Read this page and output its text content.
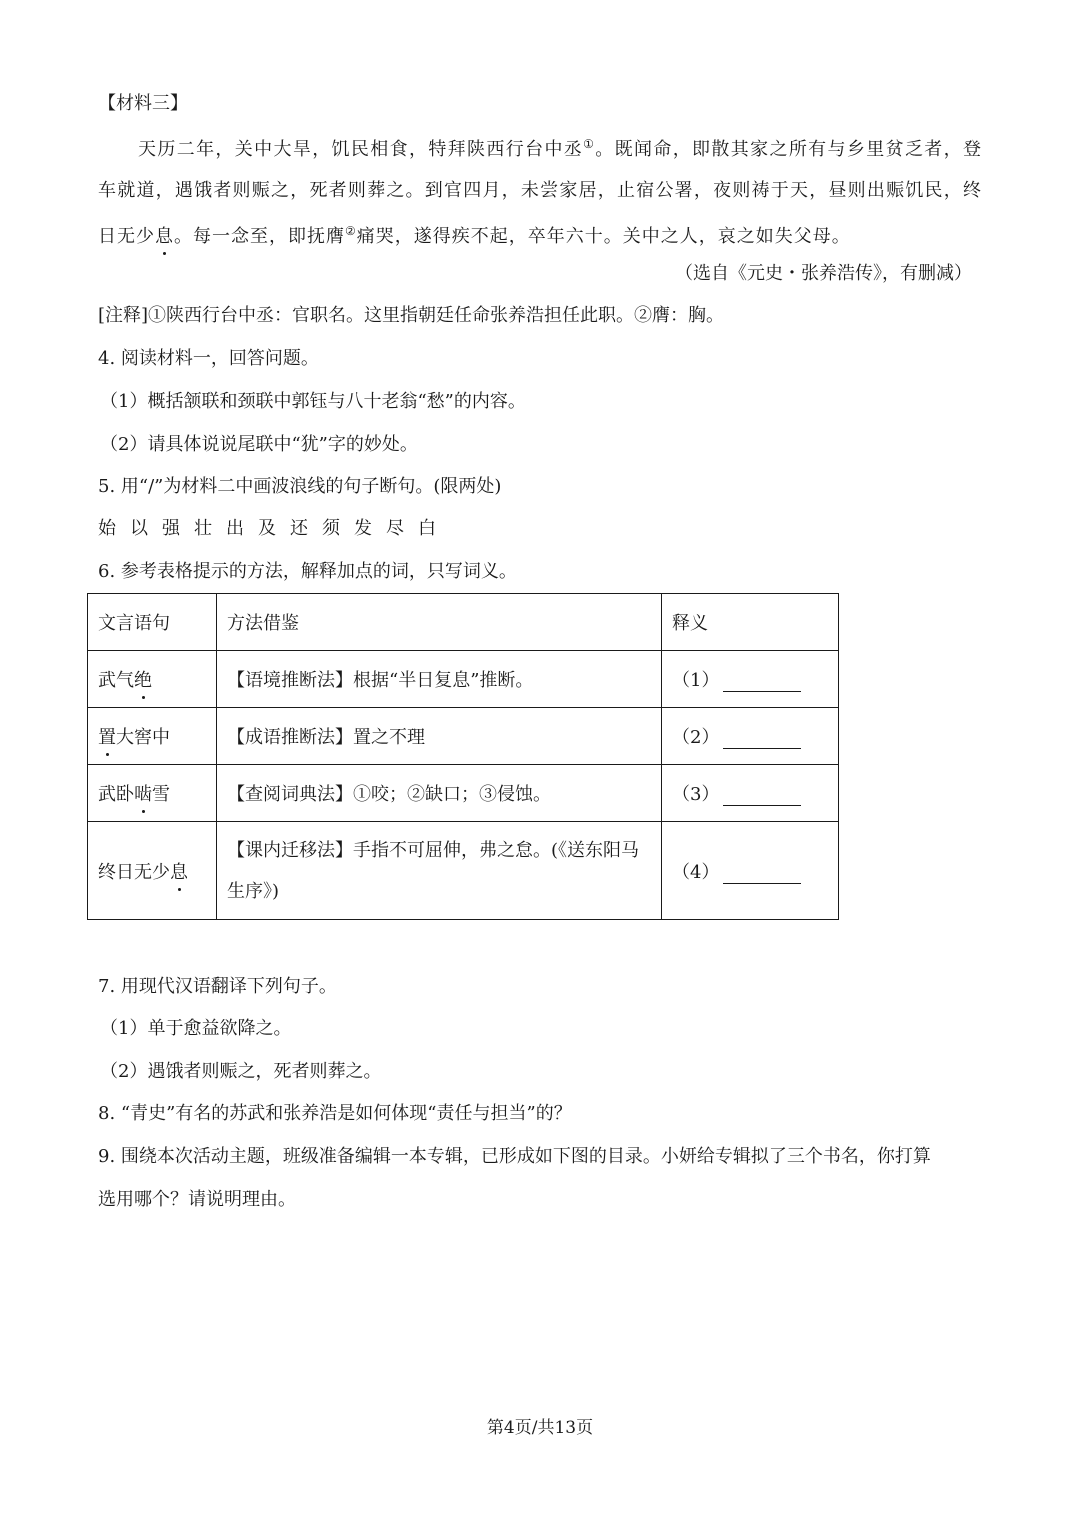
【材料三】

天历二年，关中大旱，饥民相食，特拜陕西行台中丞①。既闻命，即散其家之所有与乡里贫乏者，登车就道，遇饿者则赈之，死者则葬之。到官四月，未尝家居，止宿公署，夜则祷于天，昼则出赈饥民，终日无少息。每一念至，即抚膺②痛哭，遂得疾不起，卒年六十。关中之人，哀之如失父母。

（选自《元史・张养浩传》，有删减）
[注释]①陕西行台中丞：官职名。这里指朝廷任命张养浩担任此职。②膺：胸。
4. 阅读材料一，回答问题。
（1）概括颔联和颈联中郭钰与八十老翁“愁”的内容。
（2）请具体说说尾联中“犹”字的妙处。
5. 用“/”为材料二中画波浪线的句子断句。(限两处)
始以强壮出及还须发尽白
6. 参考表格提示的方法，解释加点的词，只写词义。
文言语句	方法借鉴	释义
武气绝	【语境推断法】根据“半日复息”推断。	（1）
置大窖中	【成语推断法】置之不理	（2）
武卧啮雪	【查阅词典法】①咬；②缺口；③侵蚀。	（3）
终日无少息	【课内迁移法】手指不可屈伸，弗之怠。(《送东阳马生序》)	（4）
7. 用现代汉语翻译下列句子。
（1）单于愈益欲降之。
（2）遇饿者则赈之，死者则葬之。
8. “青史”有名的苏武和张养浩是如何体现“责任与担当”的？
9. 围绕本次活动主题，班级准备编辑一本专辑，已形成如下图的目录。小妍给专辑拟了三个书名，你打算
选用哪个？请说明理由。
第4页/共13页
